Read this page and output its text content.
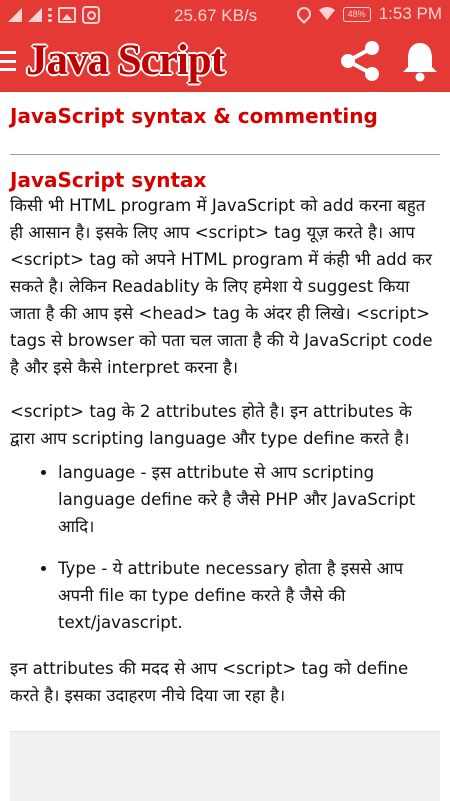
25.67 KB/s	48% 1:53 PM
Java Script
JavaScript syntax & commenting
JavaScript syntax
किसी भी HTML program में JavaScript को add करना बहुत ही आसान है। इसके लिए आप <script> tag यूज़ करते है। आप <script> tag को अपने HTML program में कंही भी add कर सकते है। लेकिन Readablity के लिए हमेशा ये suggest किया जाता है की आप इसे <head> tag के अंदर ही लिखे। <script> tags से browser को पता चल जाता है की ये JavaScript code है और इसे कैसे interpret करना है।
<script> tag के 2 attributes होते है। इन attributes के द्वारा आप scripting language और type define करते है।
• language - इस attribute से आप scripting language define करे है जैसे PHP और JavaScript आदि।
• Type - ये attribute necessary होता है इससे आप अपनी file का type define करते है जैसे की text/javascript.
इन attributes की मदद से आप <script> tag को define करते है। इसका उदाहरण नीचे दिया जा रहा है।
